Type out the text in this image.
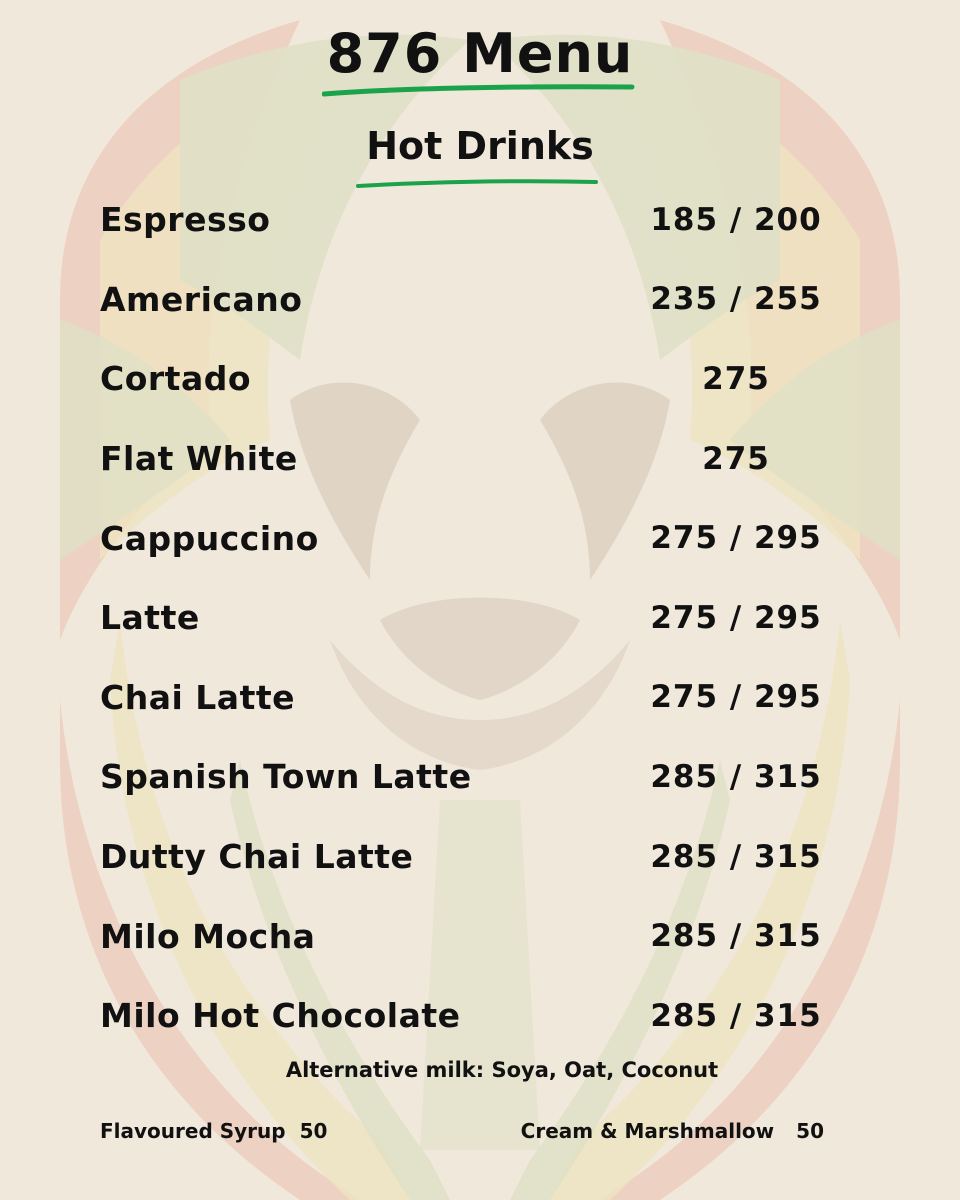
876 Menu
Hot Drinks
Espresso	185 / 200
Americano	235 / 255
Cortado	275
Flat White	275
Cappuccino	275 / 295
Latte	275 / 295
Chai Latte	275 / 295
Spanish Town Latte	285 / 315
Dutty Chai Latte	285 / 315
Milo Mocha	285 / 315
Milo Hot Chocolate	285 / 315
Alternative milk: Soya, Oat, Coconut
Flavoured Syrup 50	Cream & Marshmallow 50
